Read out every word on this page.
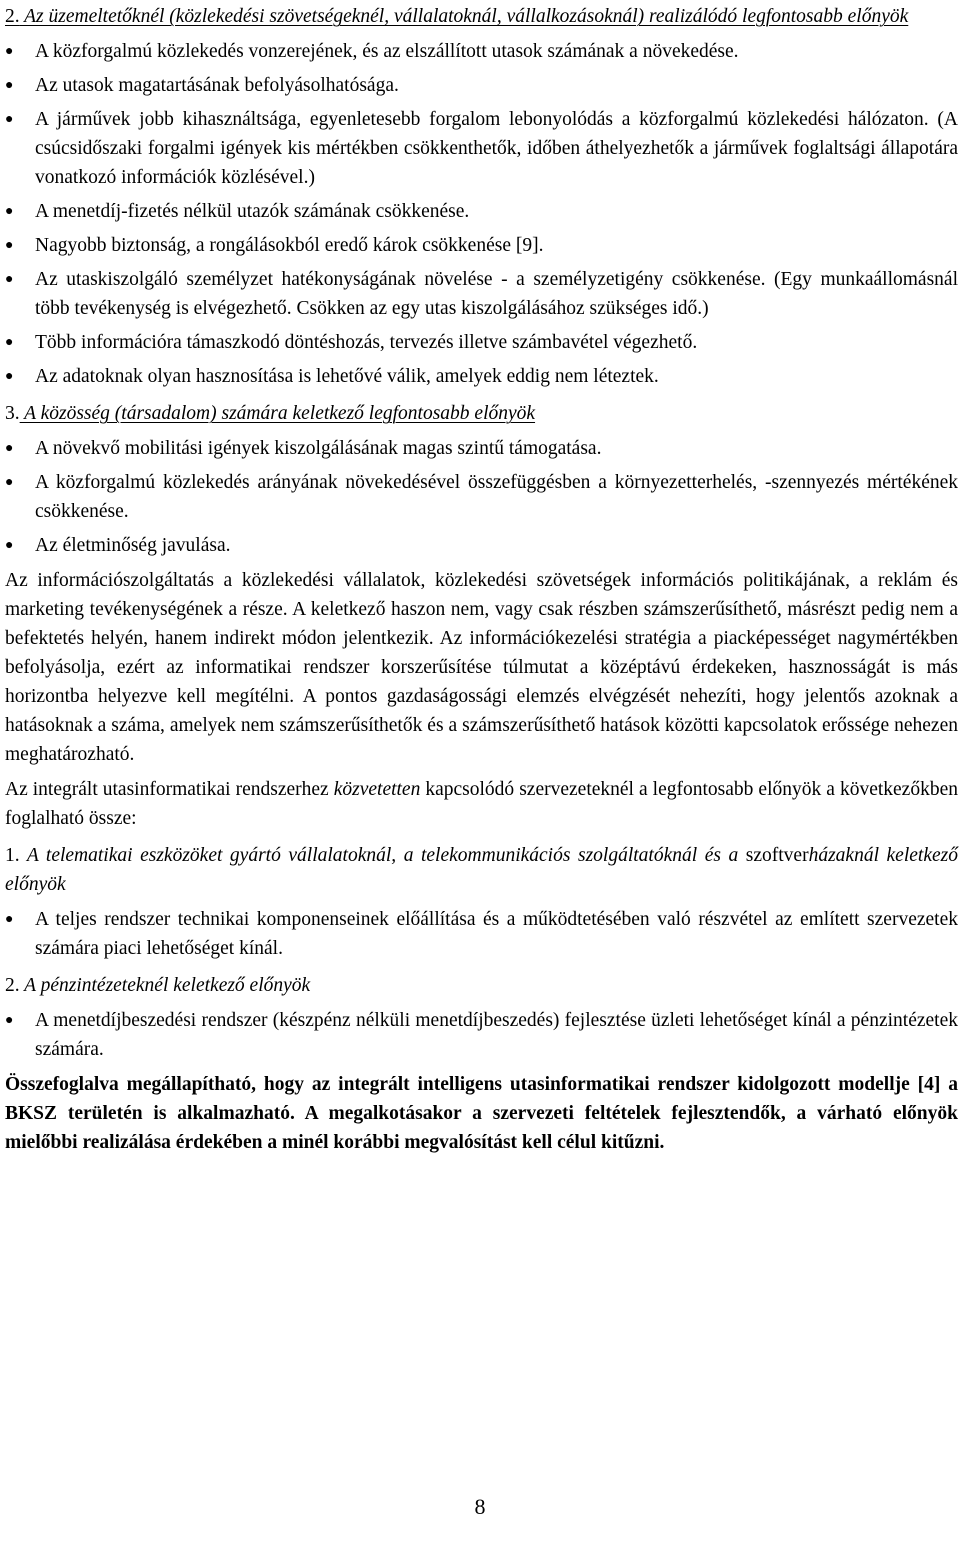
2. Az üzemeltetőknél (közlekedési szövetségeknél, vállalatoknál, vállalkozásoknál) realizálódó legfontosabb előnyök

●	A közforgalmú közlekedés vonzerejének, és az elszállított utasok számának a növekedése.
●	Az utasok magatartásának befolyásolhatósága.
●	A járművek jobb kihasználtsága, egyenletesebb forgalom lebonyolódás a közforgalmú közlekedési hálózaton. (A csúcsidőszaki forgalmi igények kis mértékben csökkenthetők, időben áthelyezhetők a járművek foglaltsági állapotára vonatkozó információk közlésével.)
●	A menetdíj-fizetés nélkül utazók számának csökkenése.
●	Nagyobb biztonság, a rongálásokból eredő károk csökkenése [9].
●	Az utaskiszolgáló személyzet hatékonyságának növelése - a személyzetigény csökkenése. (Egy munkaállomásnál több tevékenység is elvégezhető. Csökken az egy utas kiszolgálásához szükséges idő.)
●	Több információra támaszkodó döntéshozás, tervezés illetve számbavétel végezhető.
●	Az adatoknak olyan hasznosítása is lehetővé válik, amelyek eddig nem léteztek.

3. A közösség (társadalom) számára keletkező legfontosabb előnyök

●	A növekvő mobilitási igények kiszolgálásának magas szintű támogatása.
●	A közforgalmú közlekedés arányának növekedésével összefüggésben a környezetterhelés, -szennyezés mértékének csökkenése.
●	Az életminőség javulása.

Az információszolgáltatás a közlekedési vállalatok, közlekedési szövetségek információs politikájának, a reklám és marketing tevékenységének a része. A keletkező haszon nem, vagy csak részben számszerűsíthető, másrészt pedig nem a befektetés helyén, hanem indirekt módon jelentkezik. Az információkezelési stratégia a piacképességet nagymértékben befolyásolja, ezért az informatikai rendszer korszerűsítése túlmutat a középtávú érdekeken, hasznosságát is más horizontba helyezve kell megítélni. A pontos gazdaságossági elemzés elvégzését nehezíti, hogy jelentős azoknak a hatásoknak a száma, amelyek nem számszerűsíthetők és a számszerűsíthető hatások közötti kapcsolatok erőssége nehezen meghatározható.

Az integrált utasinformatikai rendszerhez közvetetten kapcsolódó szervezeteknél a legfontosabb előnyök a következőkben foglalható össze:

1. A telematikai eszközöket gyártó vállalatoknál, a telekommunikációs szolgáltatóknál és a szoftverházaknál keletkező előnyök

●	A teljes rendszer technikai komponenseinek előállítása és a működtetésében való részvétel az említett szervezetek számára piaci lehetőséget kínál.

2. A pénzintézeteknél keletkező előnyök

●	A menetdíjbeszedési rendszer (készpénz nélküli menetdíjbeszedés) fejlesztése üzleti lehetőséget kínál a pénzintézetek számára.

Összefoglalva megállapítható, hogy az integrált intelligens utasinformatikai rendszer kidolgozott modellje [4] a BKSZ területén is alkalmazható. A megalkotásakor a szervezeti feltételek fejlesztendők, a várható előnyök mielőbbi realizálása érdekében a minél korábbi megvalósítást kell célul kitűzni.

8
